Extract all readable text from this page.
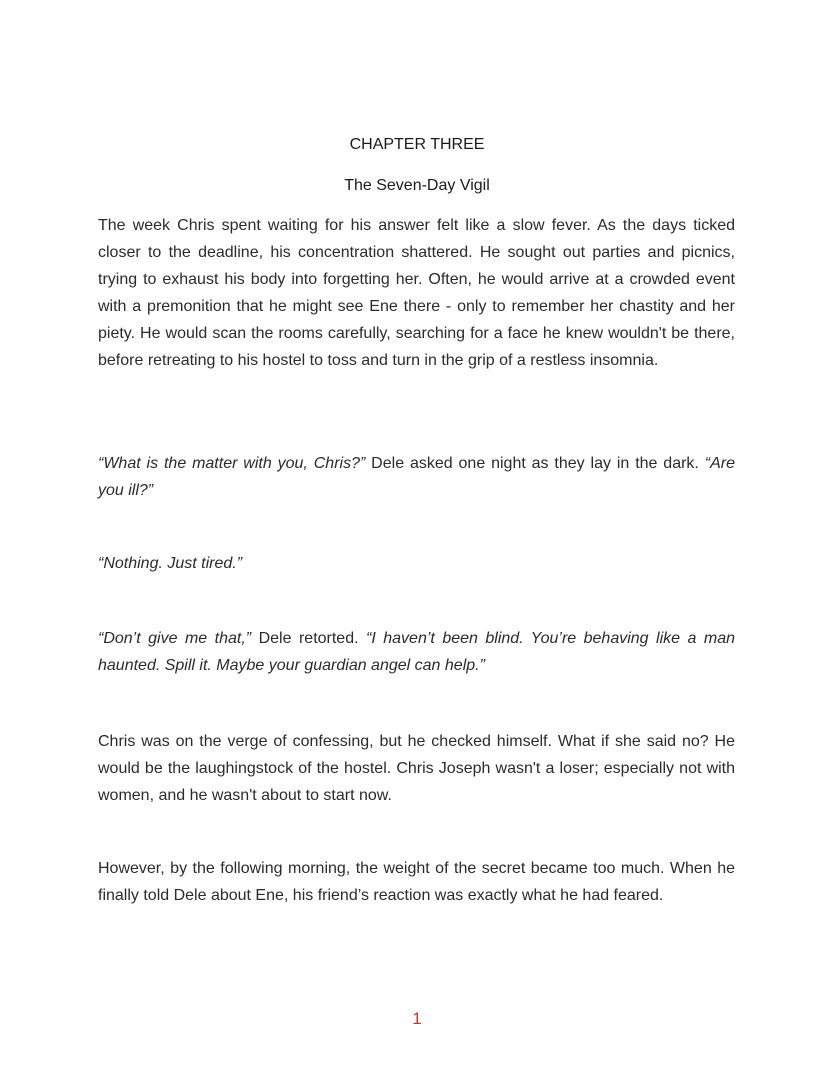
CHAPTER THREE
The Seven-Day Vigil

The week Chris spent waiting for his answer felt like a slow fever. As the days ticked closer to the deadline, his concentration shattered. He sought out parties and picnics, trying to exhaust his body into forgetting her. Often, he would arrive at a crowded event with a premonition that he might see Ene there - only to remember her chastity and her piety. He would scan the rooms carefully, searching for a face he knew wouldn't be there, before retreating to his hostel to toss and turn in the grip of a restless insomnia.

“What is the matter with you, Chris?” Dele asked one night as they lay in the dark. “Are you ill?”

“Nothing. Just tired.”

“Don’t give me that,” Dele retorted. “I haven’t been blind. You’re behaving like a man haunted. Spill it. Maybe your guardian angel can help.”

Chris was on the verge of confessing, but he checked himself. What if she said no? He would be the laughingstock of the hostel. Chris Joseph wasn't a loser; especially not with women, and he wasn't about to start now.

However, by the following morning, the weight of the secret became too much. When he finally told Dele about Ene, his friend’s reaction was exactly what he had feared.

1
